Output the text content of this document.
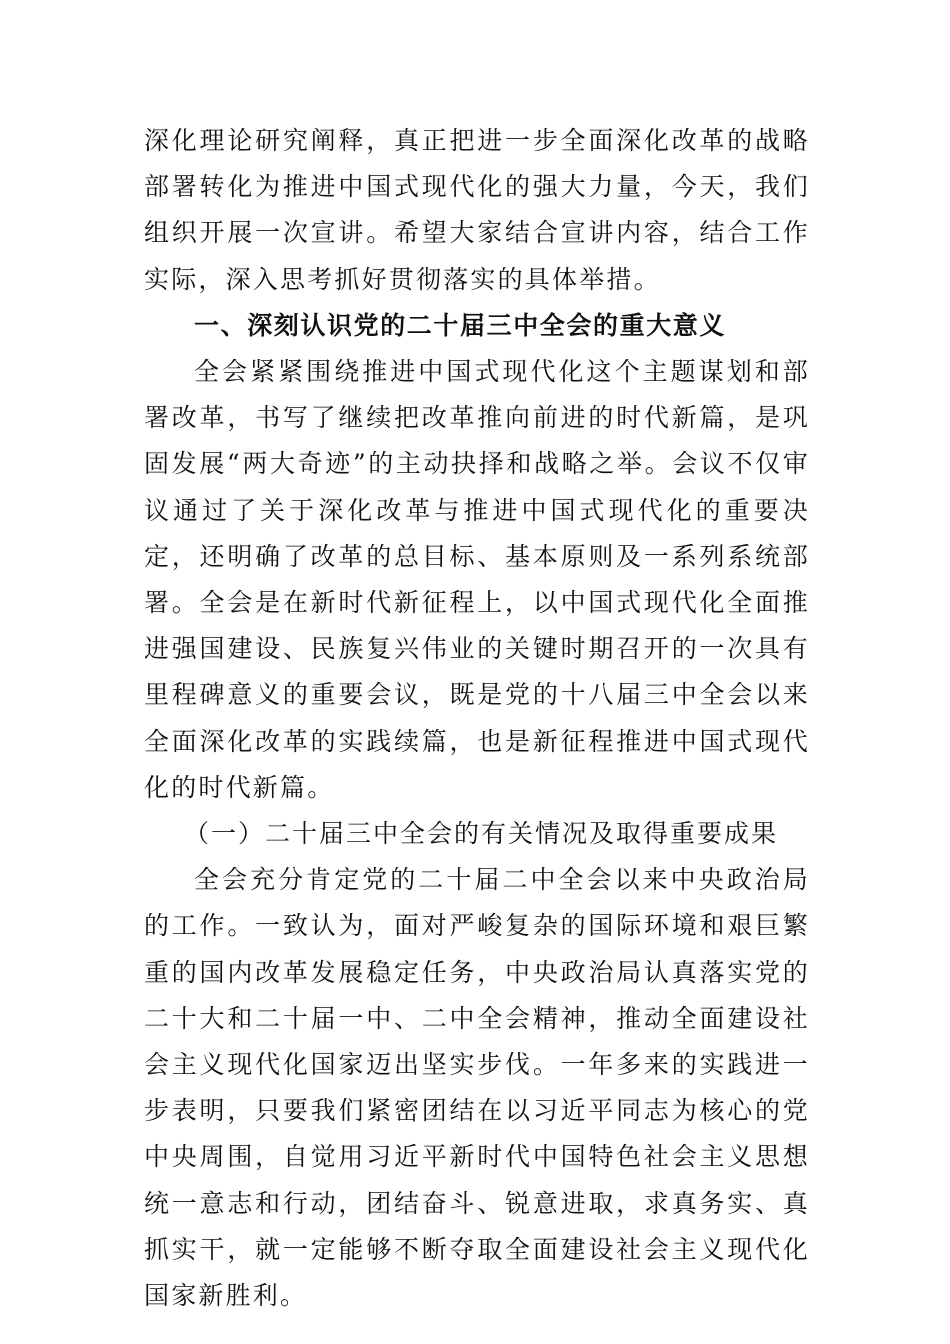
深化理论研究阐释，真正把进一步全面深化改革的战略部署转化为推进中国式现代化的强大力量，今天，我们组织开展一次宣讲。希望大家结合宣讲内容，结合工作实际，深入思考抓好贯彻落实的具体举措。

一、深刻认识党的二十届三中全会的重大意义

全会紧紧围绕推进中国式现代化这个主题谋划和部署改革，书写了继续把改革推向前进的时代新篇，是巩固发展“两大奇迹”的主动抉择和战略之举。会议不仅审议通过了关于深化改革与推进中国式现代化的重要决定，还明确了改革的总目标、基本原则及一系列系统部署。全会是在新时代新征程上，以中国式现代化全面推进强国建设、民族复兴伟业的关键时期召开的一次具有里程碑意义的重要会议，既是党的十八届三中全会以来全面深化改革的实践续篇，也是新征程推进中国式现代化的时代新篇。

（一）二十届三中全会的有关情况及取得重要成果

全会充分肯定党的二十届二中全会以来中央政治局的工作。一致认为，面对严峻复杂的国际环境和艰巨繁重的国内改革发展稳定任务，中央政治局认真落实党的二十大和二十届一中、二中全会精神，推动全面建设社会主义现代化国家迈出坚实步伐。一年多来的实践进一步表明，只要我们紧密团结在以习近平同志为核心的党中央周围，自觉用习近平新时代中国特色社会主义思想统一意志和行动，团结奋斗、锐意进取，求真务实、真抓实干，就一定能够不断夺取全面建设社会主义现代化国家新胜利。
